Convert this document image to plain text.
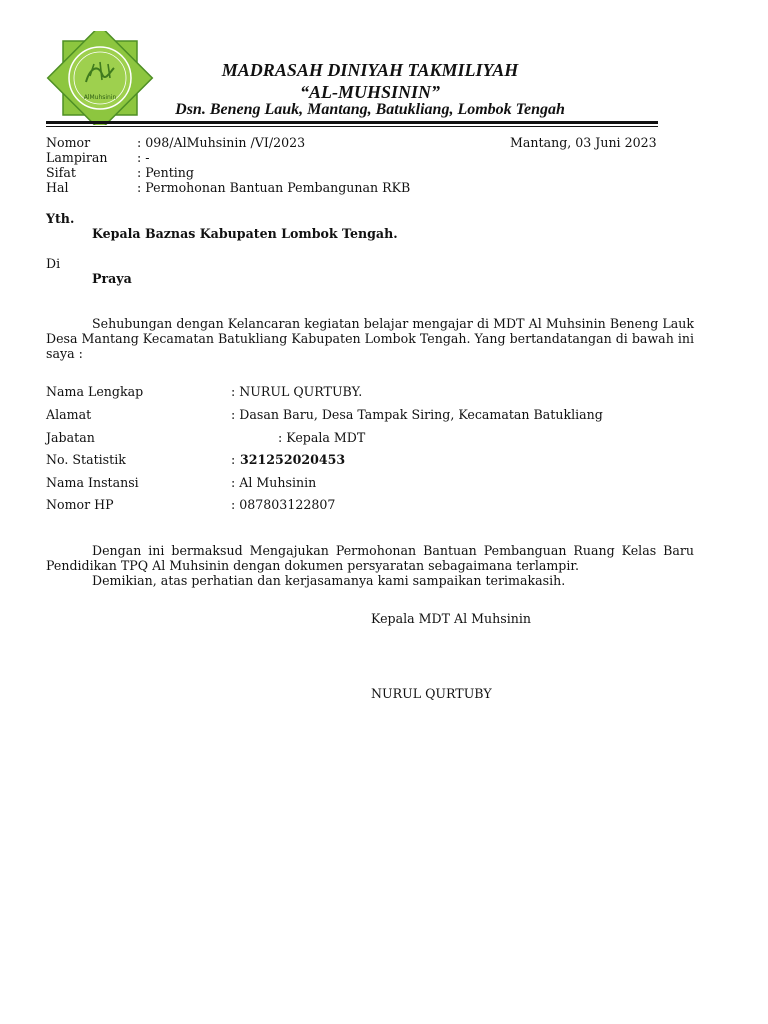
AlMuhsinin
MADRASAH DINIYAH TAKMILIYAH
“AL-MUHSININ”
Dsn. Beneng Lauk, Mantang, Batukliang, Lombok Tengah
Nomor	: 098/AlMuhsinin /VI/2023	Mantang, 03 Juni 2023
Lampiran : -
Sifat	: Penting
Hal	: Permohonan Bantuan Pembangunan RKB
Yth.
Kepala Baznas Kabupaten Lombok Tengah.
Di
Praya
Sehubungan dengan Kelancaran kegiatan belajar mengajar di MDT Al Muhsinin Beneng Lauk
Desa Mantang Kecamatan Batukliang Kabupaten Lombok Tengah. Yang bertandatangan di bawah ini
saya :
Nama Lengkap	: NURUL QURTUBY.
Alamat	: Dasan Baru, Desa Tampak Siring, Kecamatan Batukliang
Jabatan	: Kepala MDT
No. Statistik	: 321252020453
Nama Instansi	: Al Muhsinin
Nomor HP	: 087803122807
Dengan ini bermaksud Mengajukan Permohonan Bantuan Pembanguan Ruang Kelas Baru
Pendidikan TPQ Al Muhsinin dengan dokumen persyaratan sebagaimana terlampir.
Demikian, atas perhatian dan kerjasamanya kami sampaikan terimakasih.
Kepala MDT Al Muhsinin
NURUL QURTUBY
